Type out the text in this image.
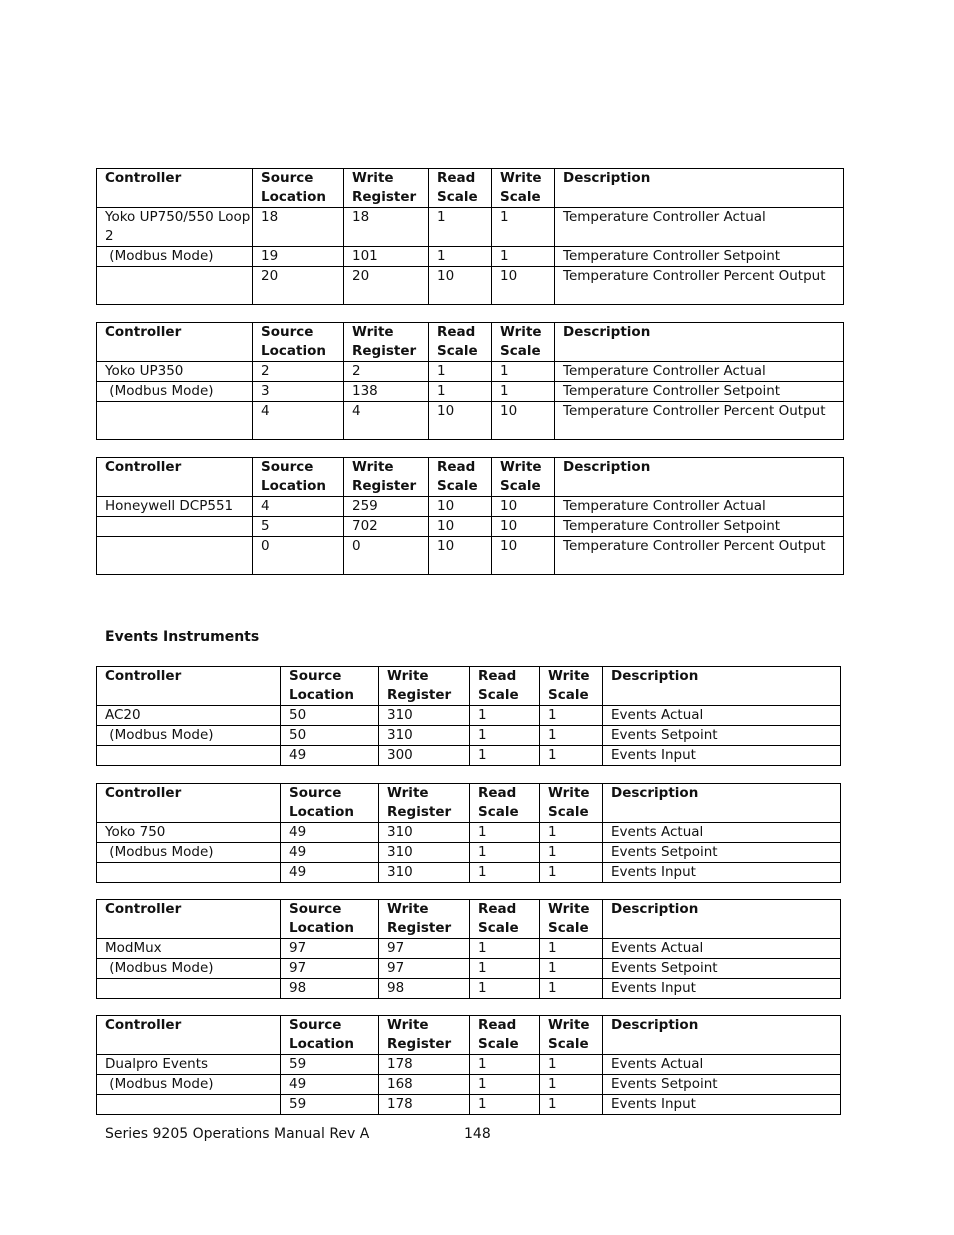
Controller	Source Location	Write Register	Read Scale	Write Scale	Description
Yoko UP750/550 Loop 2	18	18	1	1	Temperature Controller Actual
(Modbus Mode)	19	101	1	1	Temperature Controller Setpoint
	20	20	10	10	Temperature Controller Percent Output
Controller	Source Location	Write Register	Read Scale	Write Scale	Description
Yoko UP350	2	2	1	1	Temperature Controller Actual
(Modbus Mode)	3	138	1	1	Temperature Controller Setpoint
	4	4	10	10	Temperature Controller Percent Output
Controller	Source Location	Write Register	Read Scale	Write Scale	Description
Honeywell DCP551	4	259	10	10	Temperature Controller Actual
	5	702	10	10	Temperature Controller Setpoint
	0	0	10	10	Temperature Controller Percent Output
Controller	Source Location	Write Register	Read Scale	Write Scale	Description
AC20	50	310	1	1	Events Actual
(Modbus Mode)	50	310	1	1	Events Setpoint
	49	300	1	1	Events Input
Controller	Source Location	Write Register	Read Scale	Write Scale	Description
Yoko 750	49	310	1	1	Events Actual
(Modbus Mode)	49	310	1	1	Events Setpoint
	49	310	1	1	Events Input
Controller	Source Location	Write Register	Read Scale	Write Scale	Description
ModMux	97	97	1	1	Events Actual
(Modbus Mode)	97	97	1	1	Events Setpoint
	98	98	1	1	Events Input
Controller	Source Location	Write Register	Read Scale	Write Scale	Description
Dualpro Events	59	178	1	1	Events Actual
(Modbus Mode)	49	168	1	1	Events Setpoint
	59	178	1	1	Events Input
Events Instruments
Series 9205 Operations Manual Rev A	148
